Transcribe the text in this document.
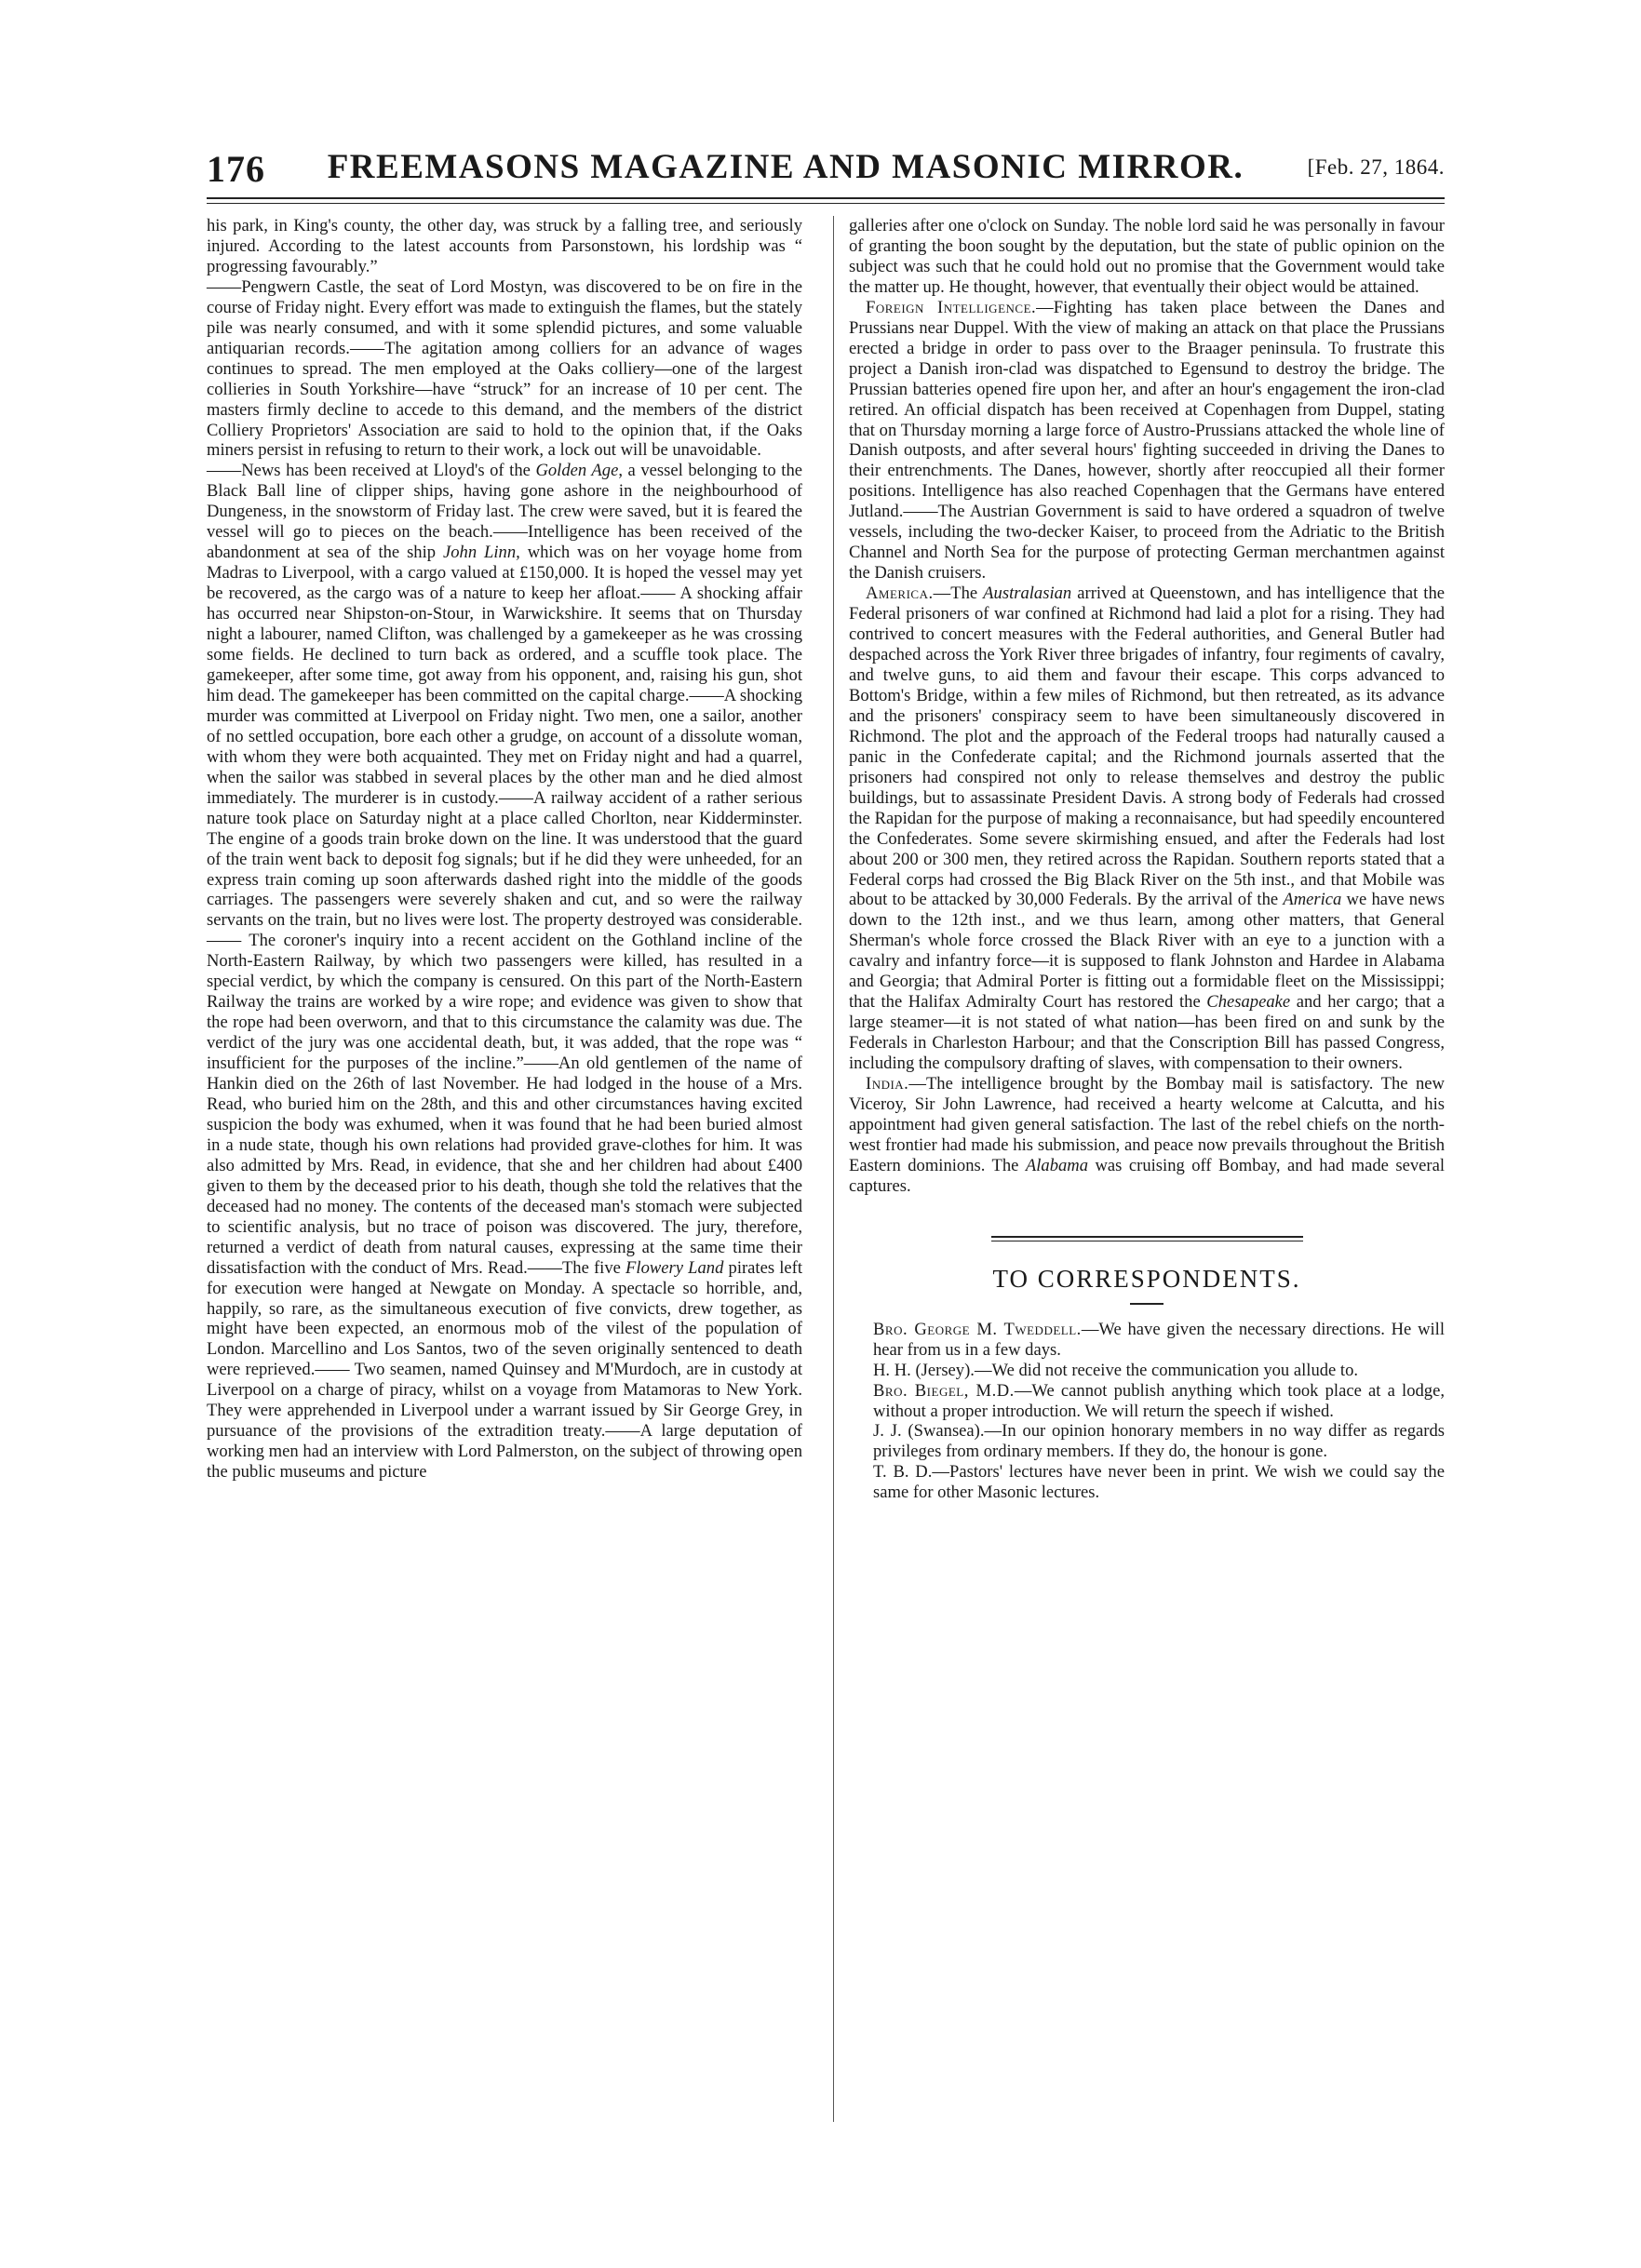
176	FREEMASONS MAGAZINE AND MASONIC MIRROR.	[Feb. 27, 1864.

his park, in King's county, the other day, was struck by a falling tree, and seriously injured. According to the latest accounts from Parsonstown, his lordship was “ progressing favourably.”

——Pengwern Castle, the seat of Lord Mostyn, was discovered to be on fire in the course of Friday night. Every effort was made to extinguish the flames, but the stately pile was nearly consumed, and with it some splendid pictures, and some valuable antiquarian records.——The agitation among colliers for an advance of wages continues to spread. The men employed at the Oaks colliery—one of the largest collieries in South Yorkshire—have “struck” for an increase of 10 per cent. The masters firmly decline to accede to this demand, and the members of the district Colliery Proprietors' Association are said to hold to the opinion that, if the Oaks miners persist in refusing to return to their work, a lock out will be unavoidable.

——News has been received at Lloyd's of the Golden Age, a vessel belonging to the Black Ball line of clipper ships, having gone ashore in the neighbourhood of Dungeness, in the snowstorm of Friday last. The crew were saved, but it is feared the vessel will go to pieces on the beach.——Intelligence has been received of the abandonment at sea of the ship John Linn, which was on her voyage home from Madras to Liverpool, with a cargo valued at £150,000. It is hoped the vessel may yet be recovered, as the cargo was of a nature to keep her afloat.—— A shocking affair has occurred near Shipston-on-Stour, in Warwickshire. It seems that on Thursday night a labourer, named Clifton, was challenged by a gamekeeper as he was crossing some fields. He declined to turn back as ordered, and a scuffle took place. The gamekeeper, after some time, got away from his opponent, and, raising his gun, shot him dead. The gamekeeper has been committed on the capital charge.——A shocking murder was committed at Liverpool on Friday night. Two men, one a sailor, another of no settled occupation, bore each other a grudge, on account of a dissolute woman, with whom they were both acquainted. They met on Friday night and had a quarrel, when the sailor was stabbed in several places by the other man and he died almost immediately. The murderer is in custody.——A railway accident of a rather serious nature took place on Saturday night at a place called Chorlton, near Kidderminster. The engine of a goods train broke down on the line. It was understood that the guard of the train went back to deposit fog signals; but if he did they were unheeded, for an express train coming up soon afterwards dashed right into the middle of the goods carriages. The passengers were severely shaken and cut, and so were the railway servants on the train, but no lives were lost. The property destroyed was considerable.—— The coroner's inquiry into a recent accident on the Gothland incline of the North-Eastern Railway, by which two passengers were killed, has resulted in a special verdict, by which the company is censured. On this part of the North-Eastern Railway the trains are worked by a wire rope; and evidence was given to show that the rope had been overworn, and that to this circumstance the calamity was due. The verdict of the jury was one accidental death, but, it was added, that the rope was “ insufficient for the purposes of the incline.”——An old gentlemen of the name of Hankin died on the 26th of last November. He had lodged in the house of a Mrs. Read, who buried him on the 28th, and this and other circumstances having excited suspicion the body was exhumed, when it was found that he had been buried almost in a nude state, though his own relations had provided grave-clothes for him. It was also admitted by Mrs. Read, in evidence, that she and her children had about £400 given to them by the deceased prior to his death, though she told the relatives that the deceased had no money. The contents of the deceased man's stomach were subjected to scientific analysis, but no trace of poison was discovered. The jury, therefore, returned a verdict of death from natural causes, expressing at the same time their dissatisfaction with the conduct of Mrs. Read.——The five Flowery Land pirates left for execution were hanged at Newgate on Monday. A spectacle so horrible, and, happily, so rare, as the simultaneous execution of five convicts, drew together, as might have been expected, an enormous mob of the vilest of the population of London. Marcellino and Los Santos, two of the seven originally sentenced to death were reprieved.—— Two seamen, named Quinsey and M'Murdoch, are in custody at Liverpool on a charge of piracy, whilst on a voyage from Matamoras to New York. They were apprehended in Liverpool under a warrant issued by Sir George Grey, in pursuance of the provisions of the extradition treaty.——A large deputation of working men had an interview with Lord Palmerston, on the subject of throwing open the public museums and picture

galleries after one o'clock on Sunday. The noble lord said he was personally in favour of granting the boon sought by the deputation, but the state of public opinion on the subject was such that he could hold out no promise that the Government would take the matter up. He thought, however, that eventually their object would be attained.

Foreign Intelligence.—Fighting has taken place between the Danes and Prussians near Duppel. With the view of making an attack on that place the Prussians erected a bridge in order to pass over to the Braager peninsula. To frustrate this project a Danish iron-clad was dispatched to Egensund to destroy the bridge. The Prussian batteries opened fire upon her, and after an hour's engagement the iron-clad retired. An official dispatch has been received at Copenhagen from Duppel, stating that on Thursday morning a large force of Austro-Prussians attacked the whole line of Danish outposts, and after several hours' fighting succeeded in driving the Danes to their entrenchments. The Danes, however, shortly after reoccupied all their former positions. Intelligence has also reached Copenhagen that the Germans have entered Jutland.——The Austrian Government is said to have ordered a squadron of twelve vessels, including the two-decker Kaiser, to proceed from the Adriatic to the British Channel and North Sea for the purpose of protecting German merchantmen against the Danish cruisers.

America.—The Australasian arrived at Queenstown, and has intelligence that the Federal prisoners of war confined at Richmond had laid a plot for a rising. They had contrived to concert measures with the Federal authorities, and General Butler had despached across the York River three brigades of infantry, four regiments of cavalry, and twelve guns, to aid them and favour their escape. This corps advanced to Bottom's Bridge, within a few miles of Richmond, but then retreated, as its advance and the prisoners' conspiracy seem to have been simultaneously discovered in Richmond. The plot and the approach of the Federal troops had naturally caused a panic in the Confederate capital; and the Richmond journals asserted that the prisoners had conspired not only to release themselves and destroy the public buildings, but to assassinate President Davis. A strong body of Federals had crossed the Rapidan for the purpose of making a reconnaisance, but had speedily encountered the Confederates. Some severe skirmishing ensued, and after the Federals had lost about 200 or 300 men, they retired across the Rapidan. Southern reports stated that a Federal corps had crossed the Big Black River on the 5th inst., and that Mobile was about to be attacked by 30,000 Federals. By the arrival of the America we have news down to the 12th inst., and we thus learn, among other matters, that General Sherman's whole force crossed the Black River with an eye to a junction with a cavalry and infantry force—it is supposed to flank Johnston and Hardee in Alabama and Georgia; that Admiral Porter is fitting out a formidable fleet on the Mississippi; that the Halifax Admiralty Court has restored the Chesapeake and her cargo; that a large steamer—it is not stated of what nation—has been fired on and sunk by the Federals in Charleston Harbour; and that the Conscription Bill has passed Congress, including the compulsory drafting of slaves, with compensation to their owners.

India.—The intelligence brought by the Bombay mail is satisfactory. The new Viceroy, Sir John Lawrence, had received a hearty welcome at Calcutta, and his appointment had given general satisfaction. The last of the rebel chiefs on the north-west frontier had made his submission, and peace now prevails throughout the British Eastern dominions. The Alabama was cruising off Bombay, and had made several captures.

TO CORRESPONDENTS.

Bro. George M. Tweddell.—We have given the necessary directions. He will hear from us in a few days.

H. H. (Jersey).—We did not receive the communication you allude to.

Bro. Biegel, M.D.—We cannot publish anything which took place at a lodge, without a proper introduction. We will return the speech if wished.

J. J. (Swansea).—In our opinion honorary members in no way differ as regards privileges from ordinary members. If they do, the honour is gone.

T. B. D.—Pastors' lectures have never been in print. We wish we could say the same for other Masonic lectures.
